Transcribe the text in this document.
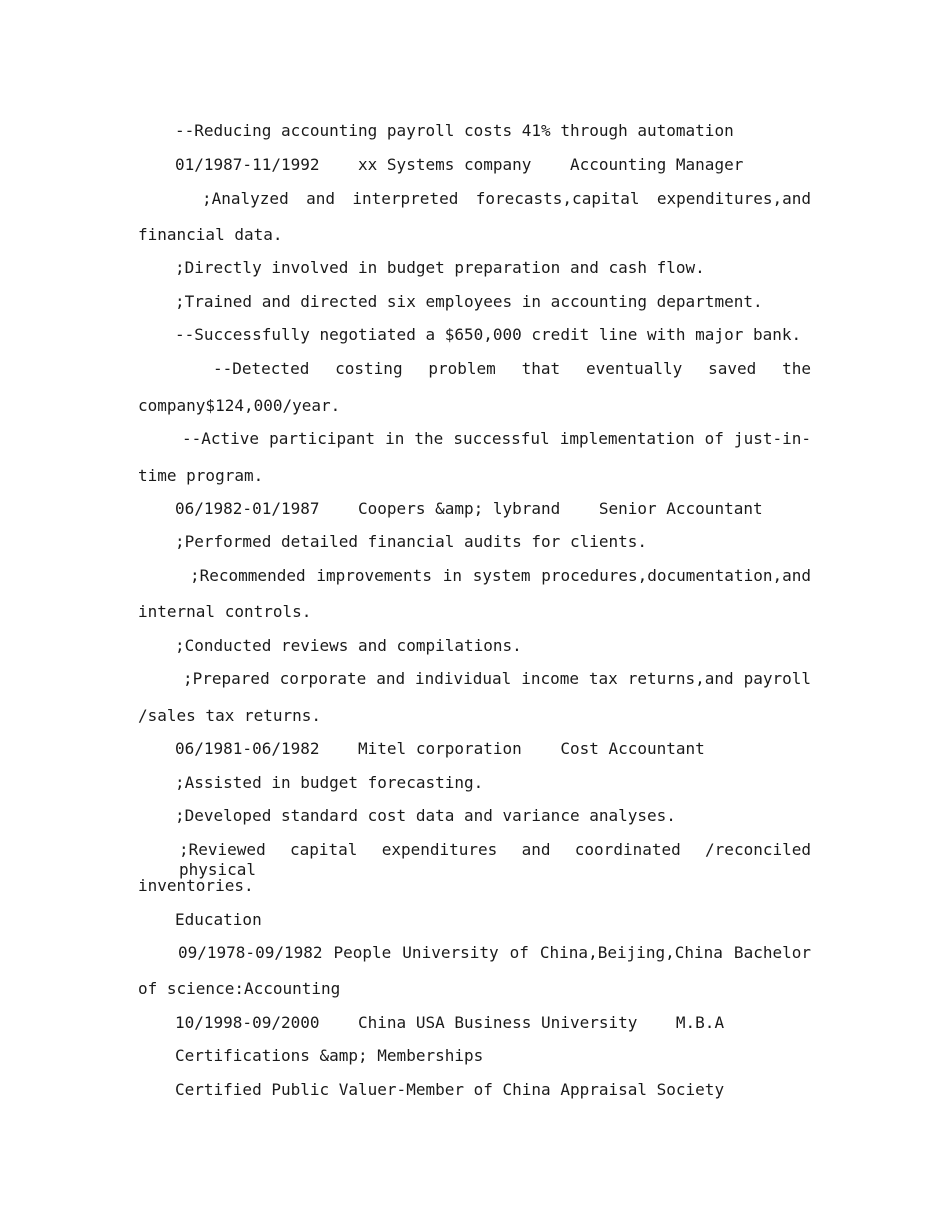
--Reducing accounting payroll costs 41% through automation
01/1987-11/1992    xx Systems company    Accounting Manager
;Analyzed and interpreted forecasts,capital expenditures,and
financial data.
;Directly involved in budget preparation and cash flow.
;Trained and directed six employees in accounting department.
--Successfully negotiated a $650,000 credit line with major bank.
--Detected costing problem that eventually saved the
company$124,000/year.
--Active participant in the successful implementation of just-in-
time program.
06/1982-01/1987    Coopers &amp; lybrand    Senior Accountant
;Performed detailed financial audits for clients.
;Recommended improvements in system procedures,documentation,and
internal controls.
;Conducted reviews and compilations.
;Prepared corporate and individual income tax returns,and payroll
/sales tax returns.
06/1981-06/1982    Mitel corporation    Cost Accountant
;Assisted in budget forecasting.
;Developed standard cost data and variance analyses.
;Reviewed capital expenditures and coordinated /reconciled physical
inventories.
Education
09/1978-09/1982 People University of China,Beijing,China Bachelor
of science:Accounting
10/1998-09/2000    China USA Business University    M.B.A
Certifications &amp; Memberships
Certified Public Valuer-Member of China Appraisal Society
